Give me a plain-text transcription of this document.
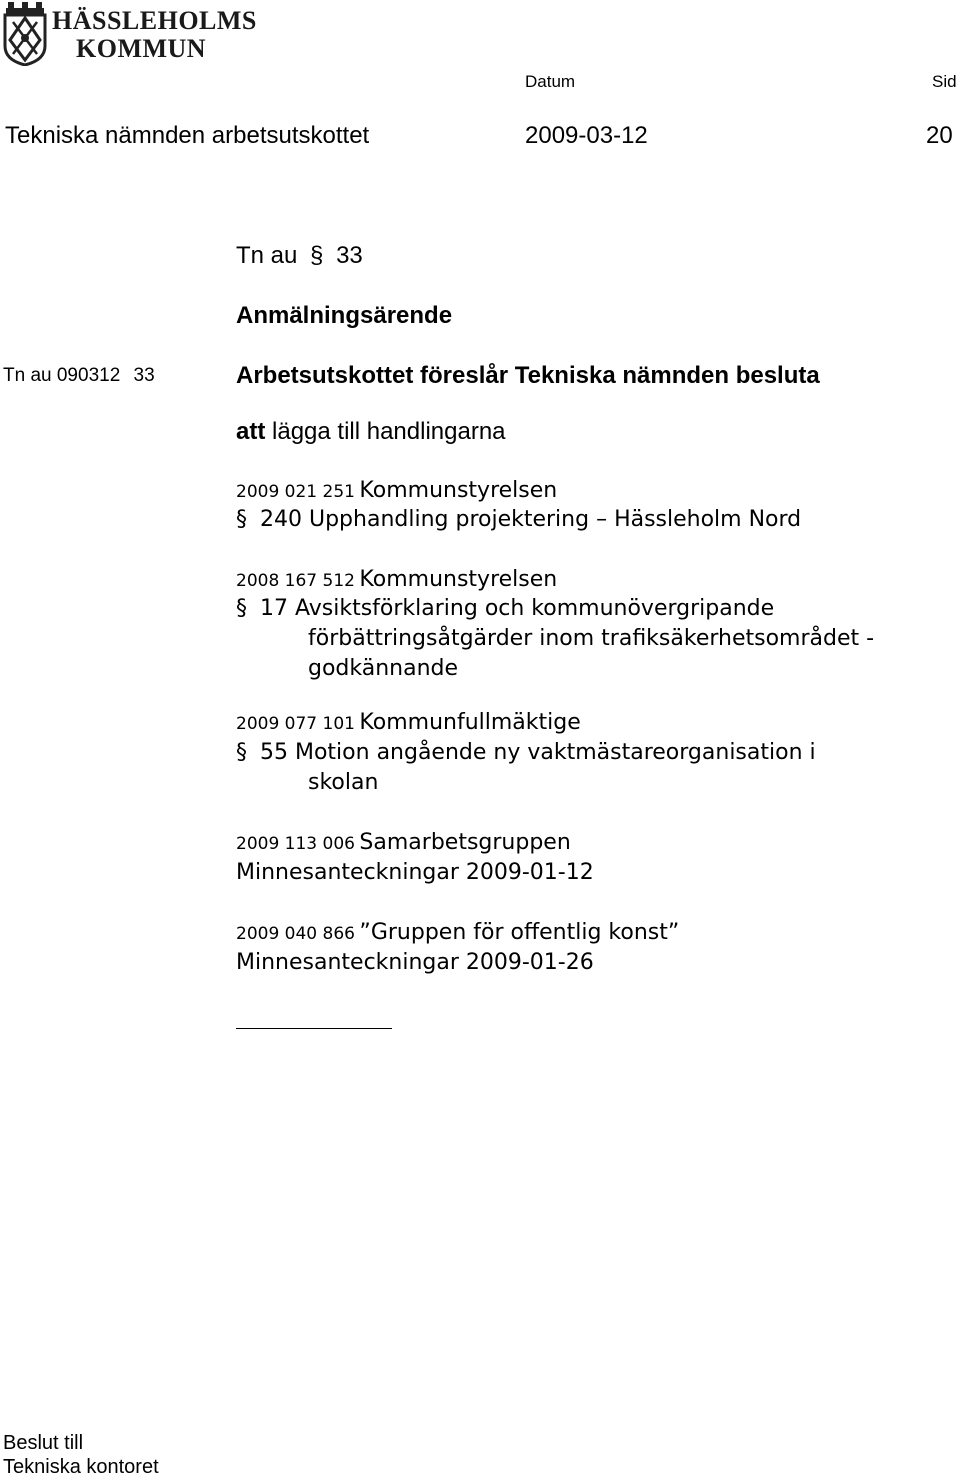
HÄSSLEHOLMS
KOMMUN
Datum	Sid
Tekniska nämnden arbetsutskottet	2009-03-12	20
Tn au § 33
Anmälningsärende
Tn au 090312 33	Arbetsutskottet föreslår Tekniska nämnden besluta
att lägga till handlingarna
2009 021 251 Kommunstyrelsen
§ 240 Upphandling projektering – Hässleholm Nord
2008 167 512 Kommunstyrelsen
§ 17 Avsiktsförklaring och kommunövergripande
förbättringsåtgärder inom trafiksäkerhetsområdet -
godkännande
2009 077 101 Kommunfullmäktige
§ 55 Motion angående ny vaktmästareorganisation i
skolan
2009 113 006 Samarbetsgruppen
Minnesanteckningar 2009-01-12
2009 040 866 ”Gruppen för offentlig konst”
Minnesanteckningar 2009-01-26
Beslut till
Tekniska kontoret
